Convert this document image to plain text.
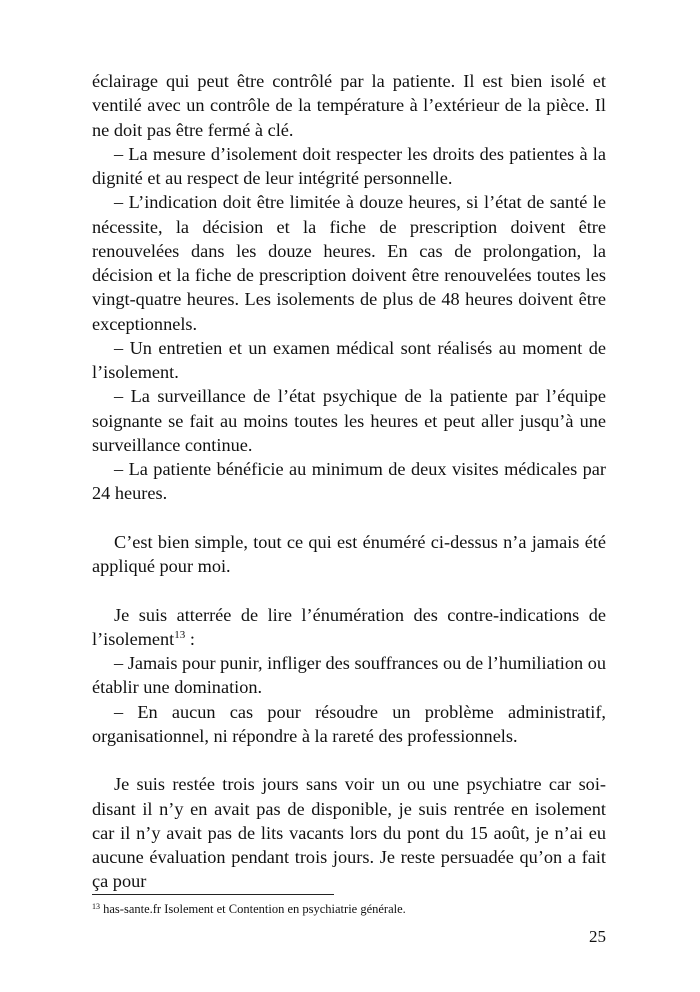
éclairage qui peut être contrôlé par la patiente. Il est bien isolé et ventilé avec un contrôle de la température à l’extérieur de la pièce. Il ne doit pas être fermé à clé.

– La mesure d’isolement doit respecter les droits des patientes à la dignité et au respect de leur intégrité personnelle.

– L’indication doit être limitée à douze heures, si l’état de santé le nécessite, la décision et la fiche de prescription doivent être renouvelées dans les douze heures. En cas de prolongation, la décision et la fiche de prescription doivent être renouvelées toutes les vingt-quatre heures. Les isolements de plus de 48 heures doivent être exceptionnels.

– Un entretien et un examen médical sont réalisés au moment de l’isolement.

– La surveillance de l’état psychique de la patiente par l’équipe soignante se fait au moins toutes les heures et peut aller jusqu’à une surveillance continue.

– La patiente bénéficie au minimum de deux visites médicales par 24 heures.

C’est bien simple, tout ce qui est énuméré ci-dessus n’a jamais été appliqué pour moi.

Je suis atterrée de lire l’énumération des contre-indications de l’isolement$^{13}$ :

– Jamais pour punir, infliger des souffrances ou de l’humiliation ou établir une domination.

– En aucun cas pour résoudre un problème administratif, organisationnel, ni répondre à la rareté des professionnels.

Je suis restée trois jours sans voir un ou une psychiatre car soi-disant il n’y en avait pas de disponible, je suis rentrée en isolement car il n’y avait pas de lits vacants lors du pont du 15 août, je n’ai eu aucune évaluation pendant trois jours. Je reste persuadée qu’on a fait ça pour

$^{13}$ has-sante.fr Isolement et Contention en psychiatrie générale.
25
